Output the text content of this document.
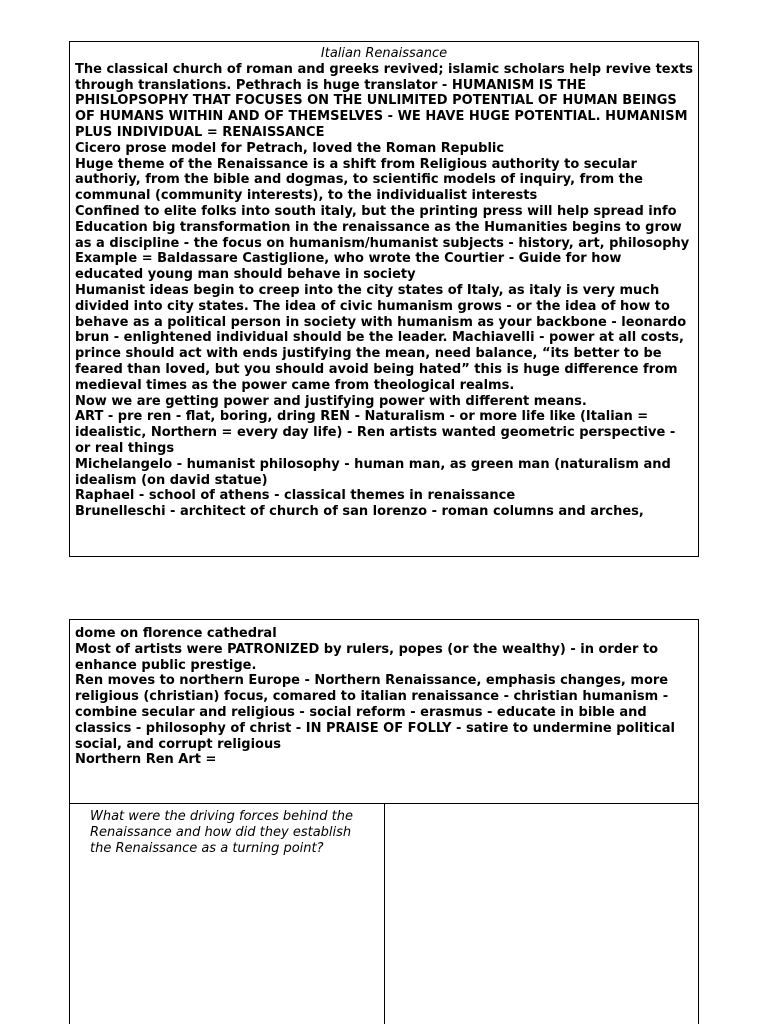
Italian Renaissance

The classical church of roman and greeks revived; islamic scholars help revive texts through translations. Pethrach is huge translator - HUMANISM IS THE PHISLOPSOPHY THAT FOCUSES ON THE UNLIMITED POTENTIAL OF HUMAN BEINGS OF HUMANS WITHIN AND OF THEMSELVES - WE HAVE HUGE POTENTIAL. HUMANISM PLUS INDIVIDUAL = RENAISSANCE

Cicero prose model for Petrach, loved the Roman Republic

Huge theme of the Renaissance is a shift from Religious authority to secular authoriy, from the bible and dogmas, to scientific models of inquiry, from the communal (community interests), to the individualist interests

Confined to elite folks into south italy, but the printing press will help spread info

Education big transformation in the renaissance as the Humanities begins to grow as a discipline - the focus on humanism/humanist subjects - history, art, philosophy

Example = Baldassare Castiglione, who wrote the Courtier - Guide for how educated young man should behave in society

Humanist ideas begin to creep into the city states of Italy, as italy is very much divided into city states. The idea of civic humanism grows - or the idea of how to behave as a political person in society with humanism as your backbone - leonardo brun - enlightened individual should be the leader. Machiavelli - power at all costs, prince should act with ends justifying the mean, need balance, “its better to be feared than loved, but you should avoid being hated” this is huge difference from medieval times as the power came from theological realms.

Now we are getting power and justifying power with different means.

ART - pre ren - flat, boring, dring REN - Naturalism - or more life like (Italian = idealistic, Northern = every day life) - Ren artists wanted geometric perspective - or real things

Michelangelo - humanist philosophy - human man, as green man (naturalism and idealism (on david statue)

Raphael - school of athens - classical themes in renaissance

Brunelleschi - architect of church of san lorenzo - roman columns and arches,

dome on florence cathedral

Most of artists were PATRONIZED by rulers, popes (or the wealthy) - in order to enhance public prestige.

Ren moves to northern Europe - Northern Renaissance, emphasis changes, more religious (christian) focus, comared to italian renaissance - christian humanism - combine secular and religious - social reform - erasmus - educate in bible and classics - philosophy of christ - IN PRAISE OF FOLLY - satire to undermine political social, and corrupt religious

Northern Ren Art =

What were the driving forces behind the Renaissance and how did they establish the Renaissance as a turning point?
